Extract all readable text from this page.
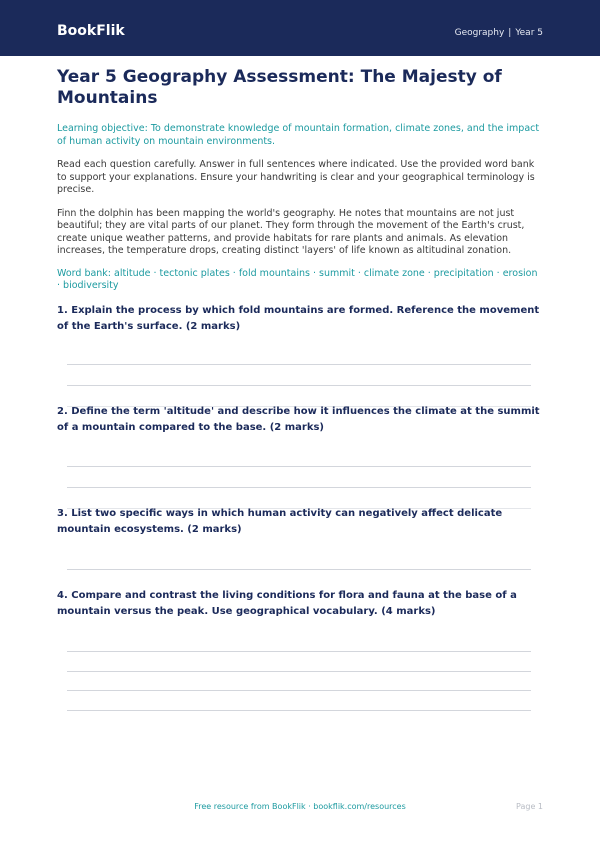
BookFlik	Geography | Year 5
Year 5 Geography Assessment: The Majesty of Mountains

Learning objective: To demonstrate knowledge of mountain formation, climate zones, and the impact of human activity on mountain environments.

Read each question carefully. Answer in full sentences where indicated. Use the provided word bank to support your explanations. Ensure your handwriting is clear and your geographical terminology is precise.

Finn the dolphin has been mapping the world's geography. He notes that mountains are not just beautiful; they are vital parts of our planet. They form through the movement of the Earth's crust, create unique weather patterns, and provide habitats for rare plants and animals. As elevation increases, the temperature drops, creating distinct 'layers' of life known as altitudinal zonation.

Word bank: altitude · tectonic plates · fold mountains · summit · climate zone · precipitation · erosion · biodiversity

1. Explain the process by which fold mountains are formed. Reference the movement of the Earth's surface. (2 marks)

2. Define the term 'altitude' and describe how it influences the climate at the summit of a mountain compared to the base. (2 marks)

3. List two specific ways in which human activity can negatively affect delicate mountain ecosystems. (2 marks)

4. Compare and contrast the living conditions for flora and fauna at the base of a mountain versus the peak. Use geographical vocabulary. (4 marks)

Free resource from BookFlik · bookflik.com/resources	Page 1
